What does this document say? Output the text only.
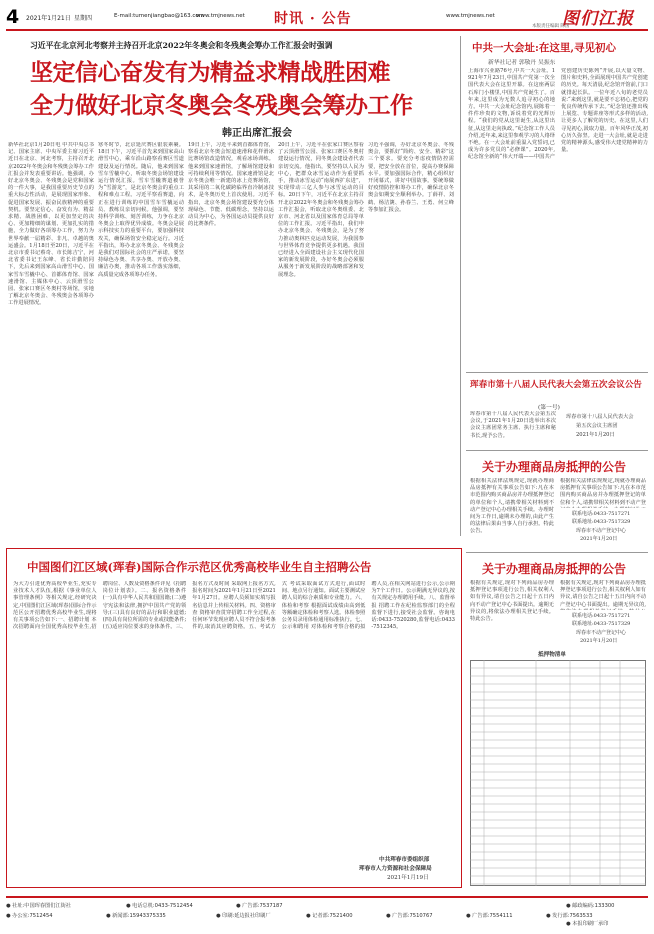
4 2021年1月21日 星期四	E-mail:tumenjiangbao@163.com
www.tmjnews.net 时讯 · 公告	www.tmjnews.net	图们江报
本版责任编辑 陈国
习近平在北京河北考察并主持召开北京2022年冬奥会和冬残奥会筹办工作汇报会时强调
坚定信心奋发有为精益求精战胜困难
全力做好北京冬奥会冬残奥会筹办工作
韩正出席汇报会
新华社北京1月20日电 中共中央总书记、国家主席、中央军委主席习近平近日在北京、河北考察，主持召开北京2022年冬奥会和冬残奥会筹办工作汇报会并发表重要讲话。他强调，办好北京冬奥会、冬残奥会是党和国家的一件大事，是我国重要历史节点的重大标志性活动，是展现国家形象、促进国家发展、振奋民族精神的重要契机。要坚定信心、奋发有为、精益求精、战胜困难，以更加坚定的决心、更加精细的谋划、更加扎实的措施，全力做好各项筹办工作，努力为世界奉献一届精彩、非凡、卓越的奥运盛会。1月18日至20日，习近平在北京市委书记蔡奇、市长陈吉宁，河北省委书记王东峰、省长许勤陪同下，先后来到国家高山滑雪中心、国家雪车雪橇中心、首都体育馆、国家速滑馆、主媒体中心、云顶滑雪公园、张家口赛区冬奥村等场馆，实地了解北京冬奥会、冬残奥会各项筹办工作进展情况。
寒冬时节，北京延庆赛区银装素裹。18日下午，习近平首先来到国家高山滑雪中心，乘车沿山路察看赛区雪道建设及运行情况。随后，他来到国家雪车雪橇中心，听取冬奥会场馆建设运行情况汇报。雪车雪橇赛道被誉为“雪游龙”，是北京冬奥会的重点工程和难点工程。习近平察看赛道，向正在进行训练的中国雪车雪橇运动员、教练员亲切问候。他强调，要坚持科学训练、刻苦训练，力争在北京冬奥会上取得优异成绩。冬奥会是展示科技实力的重要平台，要加强科技攻关，确保场馆安全稳定运行。习近平指出，筹办北京冬奥会、冬残奥会是我们对国际社会的庄严承诺，要坚持绿色办奥、共享办奥、开放办奥、廉洁办奥，推动各项工作落实落细，高质量完成各项筹办任务。
19日上午，习近平来到首都体育馆，察看北京冬奥会短道速滑和花样滑冰比赛场馆改造情况，观看冰场训练。他来到国家速滑馆，了解场馆建设和可持续利用等情况。国家速滑馆是北京冬奥会唯一新建的冰上竞赛场馆，其采用的二氧化碳跨临界直冷制冰技术，是冬奥历史上首次使用。习近平指出，北京冬奥会场馆建设要充分体现绿色、节能、低碳理念，坚持以运动员为中心，为各国运动员提供良好的比赛条件。
20日上午，习近平在张家口赛区察看了云顶滑雪公园、张家口赛区冬奥村建设运行情况，同冬奥会建设者代表亲切交流。他指出，要坚持以人民为中心，把群众冰雪运动作为重要抓手，推动冰雪运动“南展西扩东进”，实现带动三亿人参与冰雪运动的目标。20日下午，习近平在北京主持召开北京2022年冬奥会和冬残奥会筹办工作汇报会，听取北京冬奥组委、北京市、河北省以及国家体育总局等单位的工作汇报。习近平指出，我们申办北京冬奥会、冬残奥会，是为了努力推动奥林匹克运动发展，为我国参与世界体育竞争提供更多机遇。我国已经进入全面建设社会主义现代化国家的新发展阶段，办好冬奥会必须服从服务于新发展阶段的战略部署和发展理念。
习近平强调，办好北京冬奥会、冬残奥会，要抓好“简约、安全、精彩”这三个要求。要充分考虑疫情防控需要，把安全放在首位，提高办赛保障水平。要加强国际合作，精心组织好开闭幕式，讲好中国故事。要统筹做好疫情防控和筹办工作，确保北京冬奥会如期安全顺利举办。丁薛祥、刘鹤、杨洁篪、孙春兰、王勇、何立峰等参加汇报会。
中共一大会址:在这里,寻见初心
新华社记者 郭敬丹 吴振东
上海市兴业路76号,中共一大会址。1921年7月23日,中国共产党第一次全国代表大会在这里开幕。在这座两层石库门小楼里,中国共产党诞生了。百年来,这里成为无数人追寻初心的地方。中共一大会址纪念馆内,展陈着一件件珍贵的文物,诉说着党的光辉历程。“我们的党从这里诞生,从这里出征,从这里走向执政。”纪念馆工作人员介绍,近年来,来这里参观学习的人络绎不绝。在一大会址前重温入党誓词,已成为许多党员的“必修课”。2020年,纪念馆全新的“伟大开端——中国共产党创建历史陈列”开展,以大量文物、图片和史料,全面展现中国共产党创建的历史。每天清晨,纪念馆开馆前,门口就排起长队。一位年近八旬的老党员说:“来到这里,就是要不忘初心,把党的优良传统传承下去。”纪念馆还推出线上展览、专题讲座等形式多样的活动,让更多人了解党的历史。在这里,人们寻见初心,汲取力量。百年风华正茂,初心历久弥坚。走进一大会址,就是走进党的精神源头,感受伟大建党精神的力量。
珲春市第十八届人民代表大会第五次会议公告
(第一号)
珲春市第十八届人民代表大会第五次会议,于2021年1月20日选举出本次会议主席团常务主席、执行主席和秘书长,现予公告。
珲春市第十八届人民代表大会
第五次会议主席团
2021年1月20日
关于办理商品房抵押的公告
根据相关法律法规规定,现就办理商品房抵押有关事项公告如下:凡在本市范围内购买商品房并办理抵押登记的单位和个人,请携带相关材料到不动产登记中心办理相关手续。办理时间为工作日,逾期未办理的,由此产生的法律后果由当事人自行承担。特此公告。
根据相关法律法规规定,现就办理商品房抵押有关事项公告如下:凡在本市范围内购买商品房并办理抵押登记的单位和个人,请携带相关材料到不动产登
联系电话:0433-7517271
联系地址:0433-7517329
珲春市不动产登记中心
2021年1月20日
中国图们江区域(珲春)国际合作示范区优秀高校毕业生自主招聘公告
为大力引进优秀高校毕业生,充实专业技术人才队伍,根据《事业单位人事管理条例》等相关规定,经研究决定,中国图们江区域(珲春)国际合作示范区公开招聘优秀高校毕业生,现将有关事项公告如下:一、招聘计划 本次招聘面向全国优秀高校毕业生,招聘岗位、人数及资格条件详见《招聘岗位计划表》。二、报名资格条件(一)具有中华人民共和国国籍;(二)遵守宪法和法律,拥护中国共产党的领导;(三)具有良好的品行和职业道德;(四)具有岗位所需的专业或技能条件;(五)适应岗位要求的身体条件。三、报名方式及时间 采取网上报名方式,报名时间为2021年1月21日至2021年1月27日。应聘人员须如实填写报名信息并上传相关材料。四、资格审查 资格审查贯穿招聘工作全过程,在任何环节发现应聘人员不符合报考条件的,取消其应聘资格。五、考试方式 考试采取面试方式进行,面试时间、地点另行通知。面试主要测试应聘人员的综合素质和专业能力。六、体检和考察 根据面试成绩由高到低等额确定体检和考察人选。体检参照公务员录用体检通用标准执行。七、公示和聘用 对体检和考察合格的拟聘人员,在相关网站进行公示,公示期为7个工作日。公示期满无异议的,按有关规定办理聘用手续。八、监督举报 招聘工作在纪检监察部门的全程监督下进行,接受社会监督。咨询电话:0433-7520280,监督电话:0433-7512345。
中共珲春市委组织部
珲春市人力资源和社会保障局
2021年1月19日
关于办理商品房抵押的公告
根据有关规定,现对下列商品房办理抵押登记事项进行公告,相关权利人如有异议,请自公告之日起十五日内向不动产登记中心书面提出。逾期无异议的,将依法办理相关登记手续。特此公告。
根据有关规定,现对下列商品房办理抵押登记事项进行公告,相关权利人如有异议,请自公告之日起十五日内向不动产登记中心书面提出。逾期无异议的,
联系电话:0433-7517271
联系地址:0433-7517329
珲春市不动产登记中心
2021年1月20日
抵押物清单
● 社址:中国珲春图们江街社
● 办公室:7512454	● 新闻部:15943375335	● 印刷:延边报社印刷厂
● 邮政编码:133300
● 电话总机:0433-7512454	● 广告部:7537187
● 记者部:7521400	● 广告部:7510767	● 广告部:7554111	● 发行部:7563533
● 本报印刷厂承印
